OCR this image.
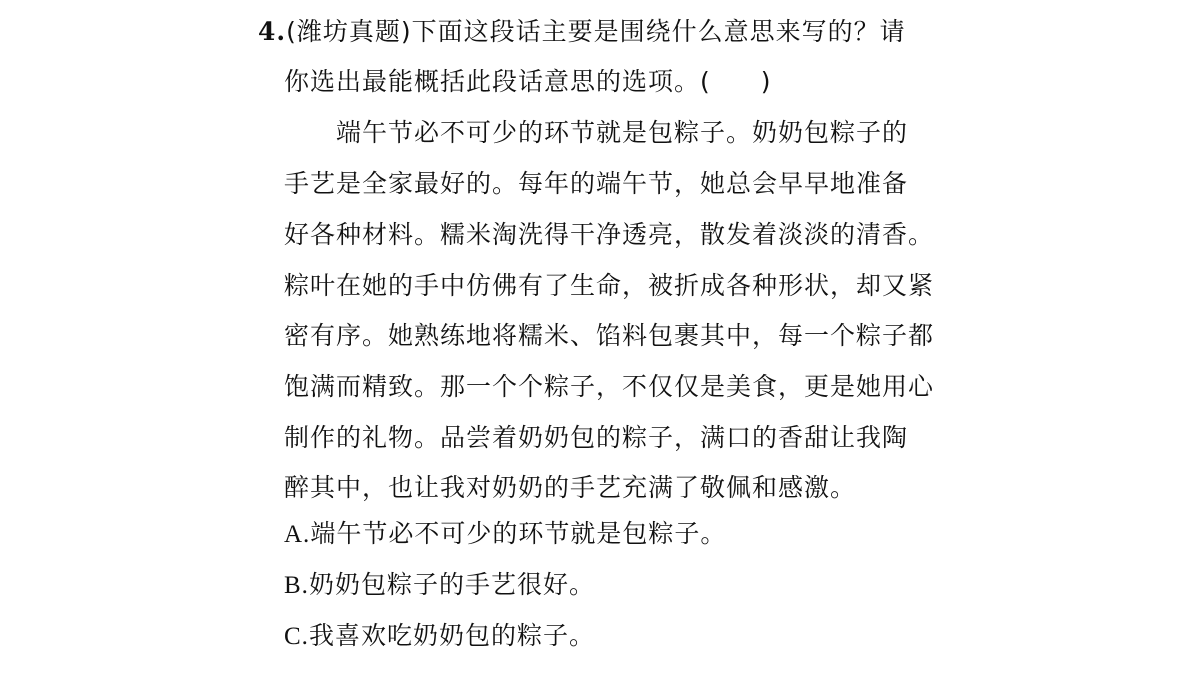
4.(潍坊真题)下面这段话主要是围绕什么意思来写的？请
你选出最能概括此段话意思的选项。( )
端午节必不可少的环节就是包粽子。奶奶包粽子的
手艺是全家最好的。每年的端午节，她总会早早地准备
好各种材料。糯米淘洗得干净透亮，散发着淡淡的清香。
粽叶在她的手中仿佛有了生命，被折成各种形状，却又紧
密有序。她熟练地将糯米、馅料包裹其中，每一个粽子都
饱满而精致。那一个个粽子，不仅仅是美食，更是她用心
制作的礼物。品尝着奶奶包的粽子，满口的香甜让我陶
醉其中，也让我对奶奶的手艺充满了敬佩和感激。
A.端午节必不可少的环节就是包粽子。
B.奶奶包粽子的手艺很好。
C.我喜欢吃奶奶包的粽子。
